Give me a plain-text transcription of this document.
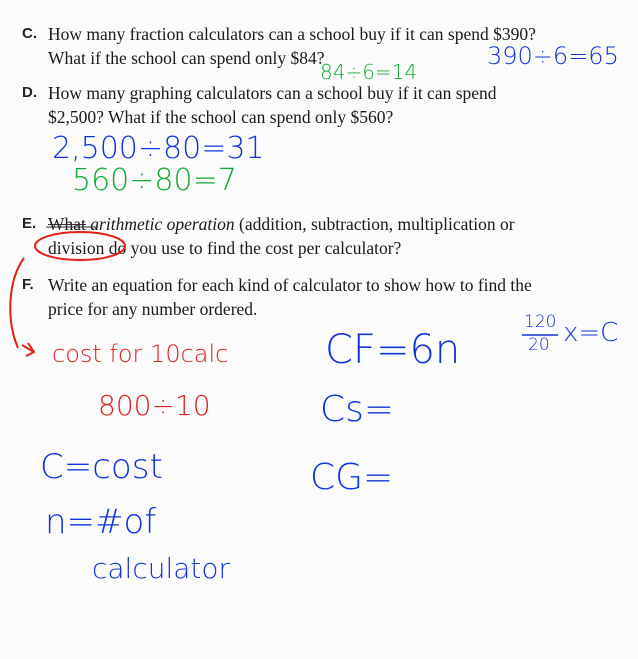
C. How many fraction calculators can a school buy if it can spend $390?
What if the school can spend only $84?
D. How many graphing calculators can a school buy if it can spend
$2,500? What if the school can spend only $560?
E. What arithmetic operation (addition, subtraction, multiplication or
division do you use to find the cost per calculator?
F. Write an equation for each kind of calculator to show how to find the
price for any number ordered.
84÷6=14
390÷6=65
2,500÷80=31
560÷80=7
cost for 10calc
800÷10
CF=6n
Cs=
CG=
120
20 x=C
C=cost
n=#of
calculator
